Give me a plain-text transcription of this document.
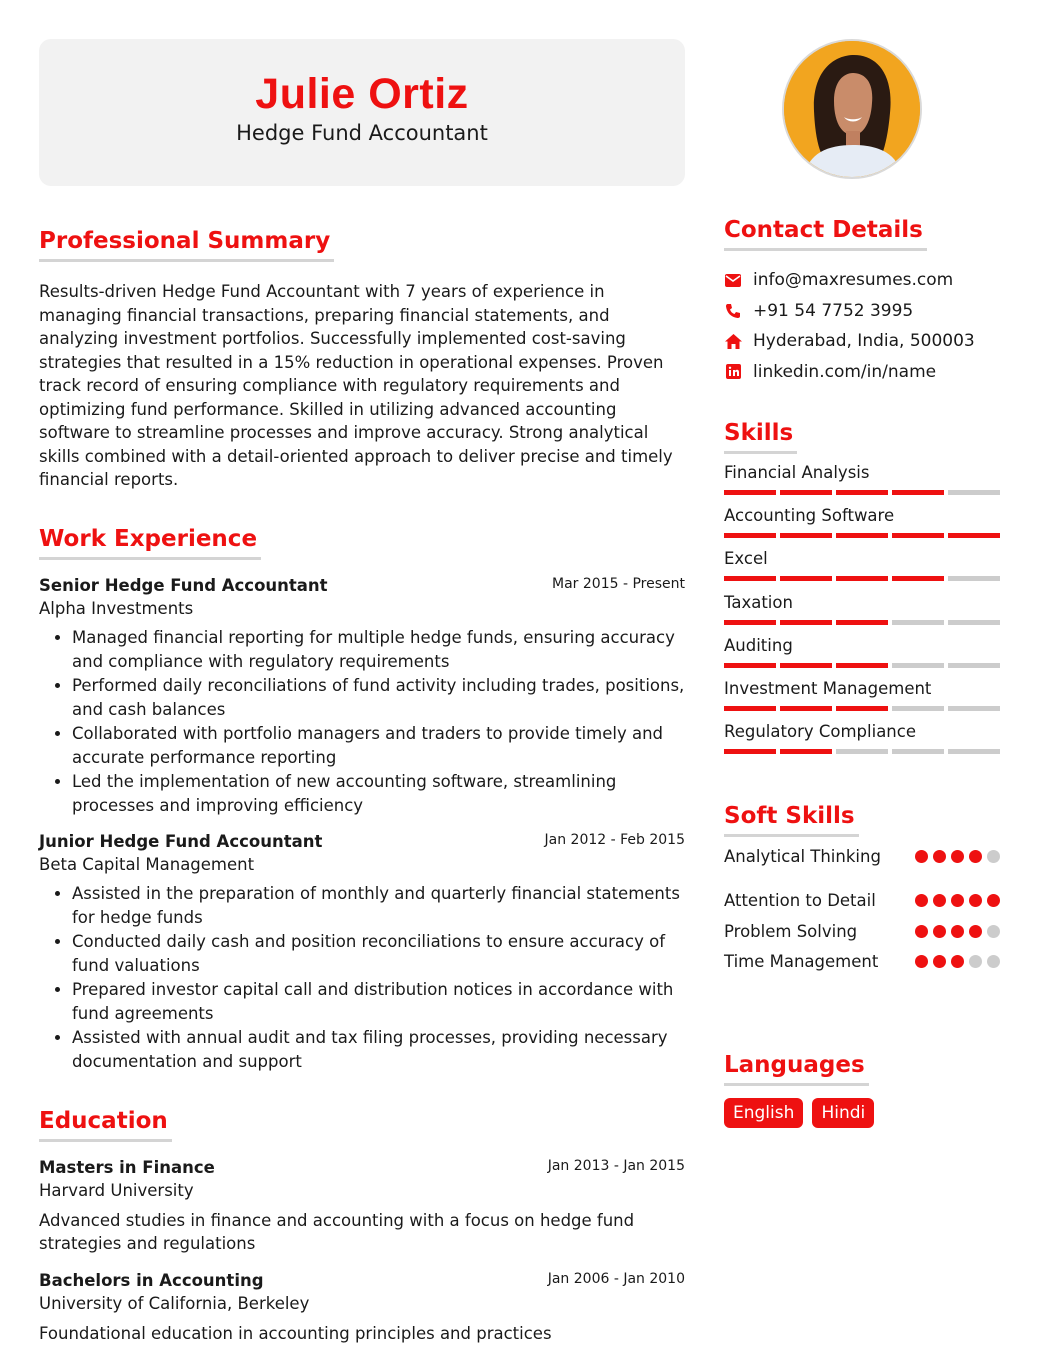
Julie Ortiz
Hedge Fund Accountant
Professional Summary
Results-driven Hedge Fund Accountant with 7 years of experience in managing financial transactions, preparing financial statements, and analyzing investment portfolios. Successfully implemented cost-saving strategies that resulted in a 15% reduction in operational expenses. Proven track record of ensuring compliance with regulatory requirements and optimizing fund performance. Skilled in utilizing advanced accounting software to streamline processes and improve accuracy. Strong analytical skills combined with a detail-oriented approach to deliver precise and timely financial reports.
Work Experience
Senior Hedge Fund Accountant	Mar 2015 - Present
Alpha Investments
• Managed financial reporting for multiple hedge funds, ensuring accuracy and compliance with regulatory requirements
• Performed daily reconciliations of fund activity including trades, positions, and cash balances
• Collaborated with portfolio managers and traders to provide timely and accurate performance reporting
• Led the implementation of new accounting software, streamlining processes and improving efficiency
Junior Hedge Fund Accountant	Jan 2012 - Feb 2015
Beta Capital Management
• Assisted in the preparation of monthly and quarterly financial statements for hedge funds
• Conducted daily cash and position reconciliations to ensure accuracy of fund valuations
• Prepared investor capital call and distribution notices in accordance with fund agreements
• Assisted with annual audit and tax filing processes, providing necessary documentation and support
Education
Masters in Finance	Jan 2013 - Jan 2015
Harvard University
Advanced studies in finance and accounting with a focus on hedge fund strategies and regulations
Bachelors in Accounting	Jan 2006 - Jan 2010
University of California, Berkeley
Foundational education in accounting principles and practices
Contact Details
info@maxresumes.com
+91 54 7752 3995
Hyderabad, India, 500003
linkedin.com/in/name
Skills
Financial Analysis
Accounting Software
Excel
Taxation
Auditing
Investment Management
Regulatory Compliance
Soft Skills
Analytical Thinking
Attention to Detail
Problem Solving
Time Management
Languages
English Hindi
